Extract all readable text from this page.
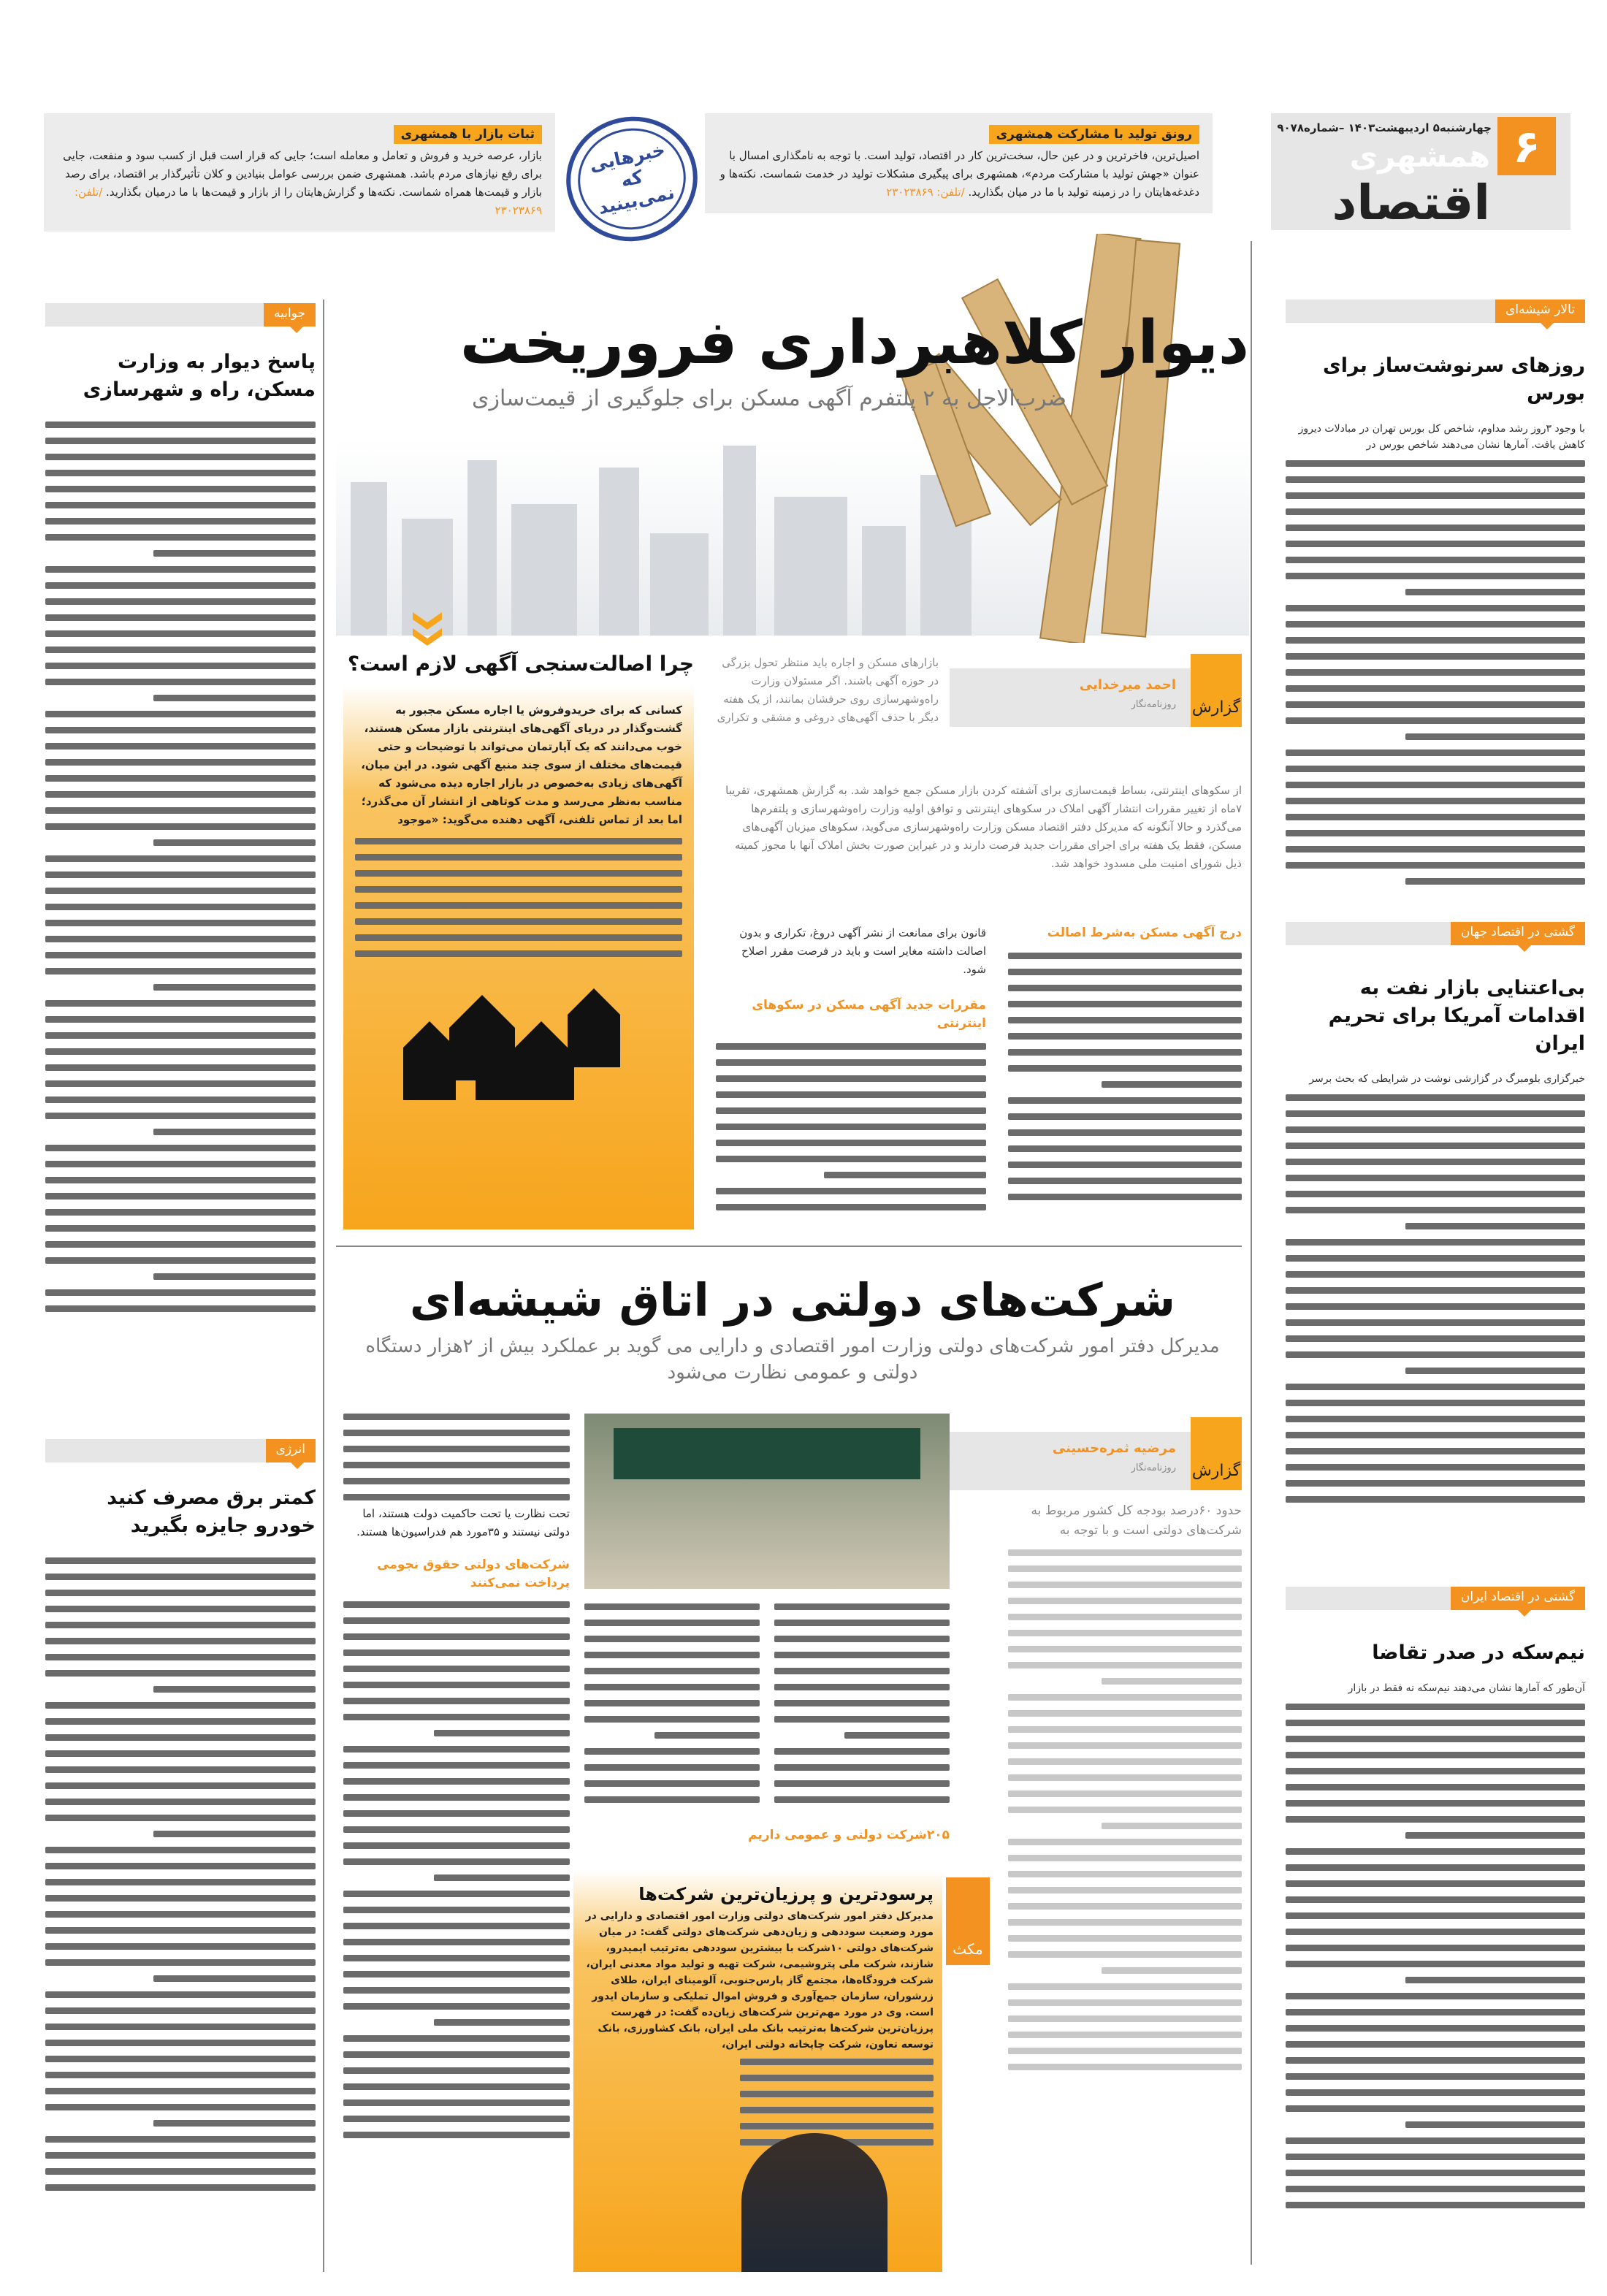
۶
چهارشنبه۵ اردیبهشت۱۴۰۳ –شماره۹۰۷۸
همشهری
اقتصاد
رونق تولید با مشارکت همشهری

اصیل‌ترین، فاخرترین و در عین حال، سخت‌ترین کار در اقتصاد، تولید است. با توجه به نامگذاری امسال با عنوان «جهش تولید با مشارکت مردم»، همشهری برای پیگیری مشکلات تولید در خدمت شماست. نکته‌ها و دغدغه‌هایتان را در زمینه تولید با ما در میان بگذارید. /تلفن: ۲۳۰۲۳۸۶۹

ثبات بازار با همشهری

بازار، عرصه خرید و فروش و تعامل و معامله است؛ جایی که قرار است قبل از کسب سود و منفعت، جایی برای رفع نیازهای مردم باشد. همشهری ضمن بررسی عوامل بنیادین و کلان تأثیرگذار بر اقتصاد، برای رصد بازار و قیمت‌ها همراه شماست. نکته‌ها و گزارش‌هایتان را از بازار و قیمت‌ها با ما درمیان بگذارید. /تلفن: ۲۳۰۲۳۸۶۹

خبرهایی که نمی‌بینید
تالار شیشه‌ای
روزهای سرنوشت‌ساز برای بورس

با وجود ۳روز رشد مداوم، شاخص کل بورس تهران در مبادلات دیروز کاهش یافت. آمارها نشان می‌دهند شاخص بورس در

گشتی در اقتصاد جهان
بی‌اعتنایی بازار نفت به اقدامات آمریکا برای تحریم ایران

خبرگزاری بلومبرگ در گزارشی نوشت در شرایطی که بحث برسر

گشتی در اقتصاد ایران
نیم‌سکه در صدر تقاضا

آن‌طور که آمارها نشان می‌دهند نیم‌سکه نه فقط در بازار

جوابیه
پاسخ دیوار به وزارت مسکن، راه و شهرسازی
انرژی
کمتر برق مصرف کنید خودرو جایزه بگیرید
دیوار کلاهبرداری فروریخت
ضرب‌الاجل به ۲ پلتفرم آگهی مسکن برای جلوگیری از قیمت‌سازی
گزارش
احمد میرخدایی
روزنامه‌نگار

بازارهای مسکن و اجاره باید منتظر تحول بزرگی در حوزه آگهی باشند. اگر مسئولان وزارت راه‌وشهرسازی روی حرفشان بمانند، از یک هفته دیگر با حذف آگهی‌های دروغی و مشقی و تکراری

از سکوهای اینترنتی، بساط قیمت‌سازی برای آشفته کردن بازار مسکن جمع خواهد شد. به گزارش همشهری، تقریبا ۷ماه از تغییر مقررات انتشار آگهی املاک در سکوهای اینترنتی و توافق اولیه وزارت راه‌وشهرسازی و پلتفرم‌ها می‌گذرد و حالا آنگونه که مدیرکل دفتر اقتصاد مسکن وزارت راه‌وشهرسازی می‌گوید، سکوهای میزبان آگهی‌های مسکن، فقط یک هفته برای اجرای مقررات جدید فرصت دارند و در غیراین صورت بخش املاک آنها با مجوز کمیته ذیل شورای امنیت ملی مسدود خواهد شد.

درج آگهی مسکن به‌شرط اصالت

قانون برای ممانعت از نشر آگهی دروغ، تکراری و بدون اصالت داشته مغایر است و باید در فرصت مقرر اصلاح شود.

مقررات جدید آگهی مسکن در سکوهای اینترنتی
چرا اصالت‌سنجی آگهی لازم است؟

کسانی که برای خریدوفروش یا اجاره مسکن مجبور به گشت‌وگذار در دریای آگهی‌های اینترنتی بازار مسکن هستند، خوب می‌دانند که یک آپارتمان می‌تواند با توضیحات و حتی قیمت‌های مختلف از سوی چند منبع آگهی شود. در این میان، آگهی‌های زیادی به‌خصوص در بازار اجاره دیده می‌شود که مناسب به‌نظر می‌رسد و مدت کوتاهی از انتشار آن می‌گذرد؛ اما بعد از تماس تلفنی، آگهی دهنده می‌گوید: «موجود

شرکت‌های دولتی در اتاق شیشه‌ای
مدیرکل دفتر امور شرکت‌های دولتی وزارت امور اقتصادی و دارایی می گوید بر عملکرد بیش از ۲هزار دستگاه دولتی و عمومی نظارت می‌شود
گزارش
مرضیه ثمره‌حسینی
روزنامه‌نگار

حدود ۶۰درصد بودجه کل کشور مربوط به شرکت‌های دولتی است و با توجه به

تحت نظارت یا تحت حاکمیت دولت هستند، اما دولتی نیستند و ۳۵مورد هم فدراسیون‌ها هستند.

شرکت‌های دولتی حقوق نجومی پرداخت نمی‌کنند
۲۰۵شرکت دولتی و عمومی داریم
مکث
پرسودترین و پرزیان‌ترین شرکت‌ها

مدیرکل دفتر امور شرکت‌های دولتی وزارت امور اقتصادی و دارایی در مورد وضعیت سوددهی و زیان‌دهی شرکت‌های دولتی گفت: در میان شرکت‌های دولتی ۱۰شرکت با بیشترین سوددهی به‌ترتیب ایمیدرو، شازند، شرکت ملی پتروشیمی، شرکت تهیه و تولید مواد معدنی ایران، شرکت فرودگاه‌ها، مجتمع گاز پارس‌جنوبی، آلومینای ایران، طلای زرشوران، سازمان جمع‌آوری و فروش اموال تملیکی و سازمان ایدور است. وی در مورد مهم‌ترین شرکت‌های زیان‌ده گفت: در فهرست پرزیان‌ترین شرکت‌ها به‌ترتیب بانک ملی ایران، بانک کشاورزی، بانک توسعه تعاون، شرکت چاپخانه دولتی ایران،
